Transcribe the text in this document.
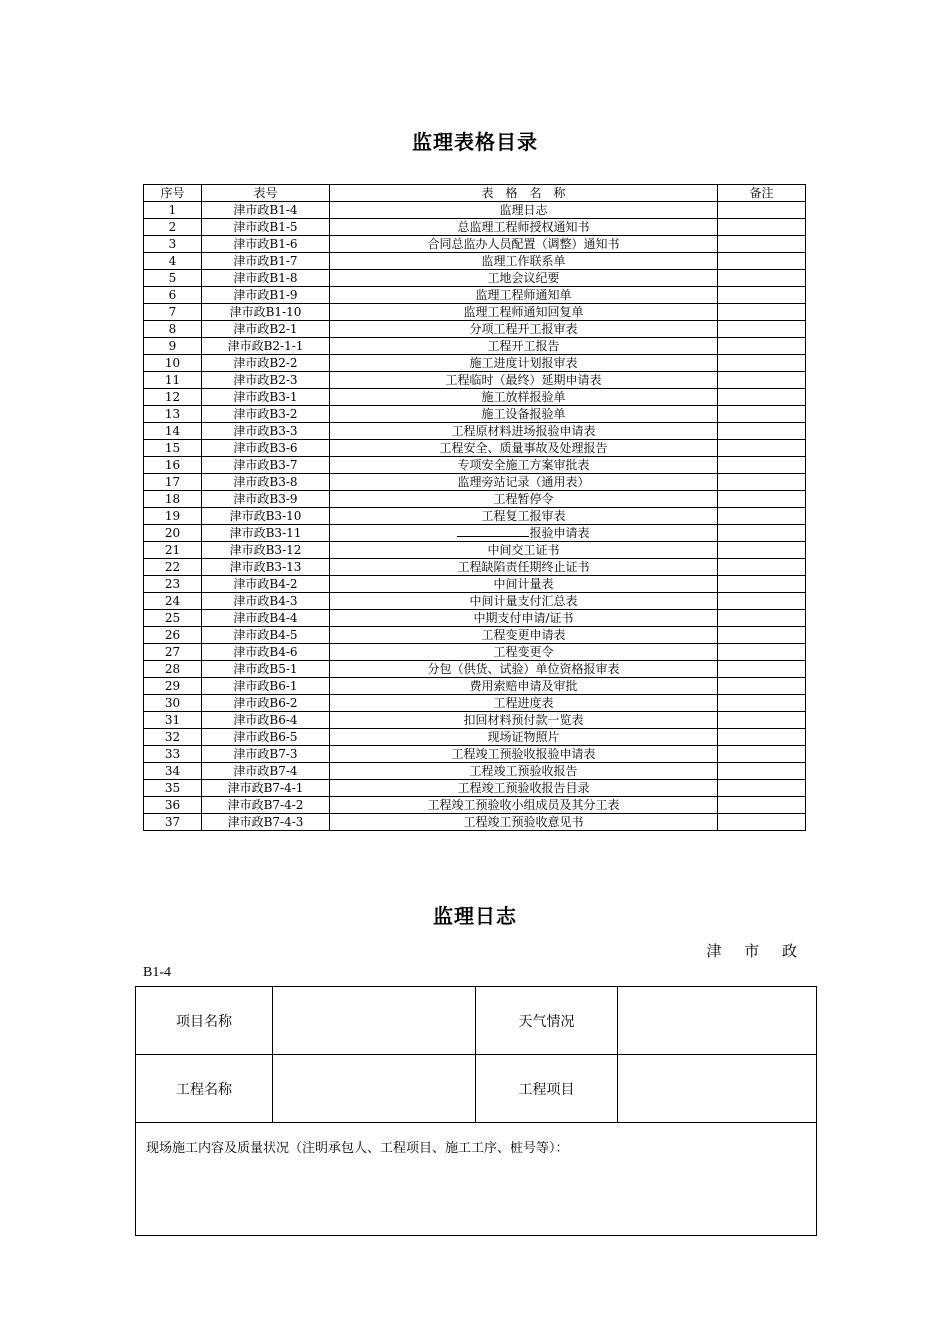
监理表格目录
序号	表号	表　格　名　称	备注
1	津市政B1-4	监理日志	
2	津市政B1-5	总监理工程师授权通知书	
3	津市政B1-6	合同总监办人员配置（调整）通知书	
4	津市政B1-7	监理工作联系单	
5	津市政B1-8	工地会议纪要	
6	津市政B1-9	监理工程师通知单	
7	津市政B1-10	监理工程师通知回复单	
8	津市政B2-1	分项工程开工报审表	
9	津市政B2-1-1	工程开工报告	
10	津市政B2-2	施工进度计划报审表	
11	津市政B2-3	工程临时（最终）延期申请表	
12	津市政B3-1	施工放样报验单	
13	津市政B3-2	施工设备报验单	
14	津市政B3-3	工程原材料进场报验申请表	
15	津市政B3-6	工程安全、质量事故及处理报告	
16	津市政B3-7	专项安全施工方案审批表	
17	津市政B3-8	监理旁站记录（通用表）	
18	津市政B3-9	工程暂停令	
19	津市政B3-10	工程复工报审表	
20	津市政B3-11	报验申请表	
21	津市政B3-12	中间交工证书	
22	津市政B3-13	工程缺陷责任期终止证书	
23	津市政B4-2	中间计量表	
24	津市政B4-3	中间计量支付汇总表	
25	津市政B4-4	中期支付申请/证书	
26	津市政B4-5	工程变更申请表	
27	津市政B4-6	工程变更令	
28	津市政B5-1	分包（供货、试验）单位资格报审表	
29	津市政B6-1	费用索赔申请及审批	
30	津市政B6-2	工程进度表	
31	津市政B6-4	扣回材料预付款一览表	
32	津市政B6-5	现场证物照片	
33	津市政B7-3	工程竣工预验收报验申请表	
34	津市政B7-4	工程竣工预验收报告	
35	津市政B7-4-1	工程竣工预验收报告目录	
36	津市政B7-4-2	工程竣工预验收小组成员及其分工表	
37	津市政B7-4-3	工程竣工预验收意见书	
监理日志
津 市 政
B1-4
项目名称		天气情况	
工程名称		工程项目	
现场施工内容及质量状况（注明承包人、工程项目、施工工序、桩号等）：			
